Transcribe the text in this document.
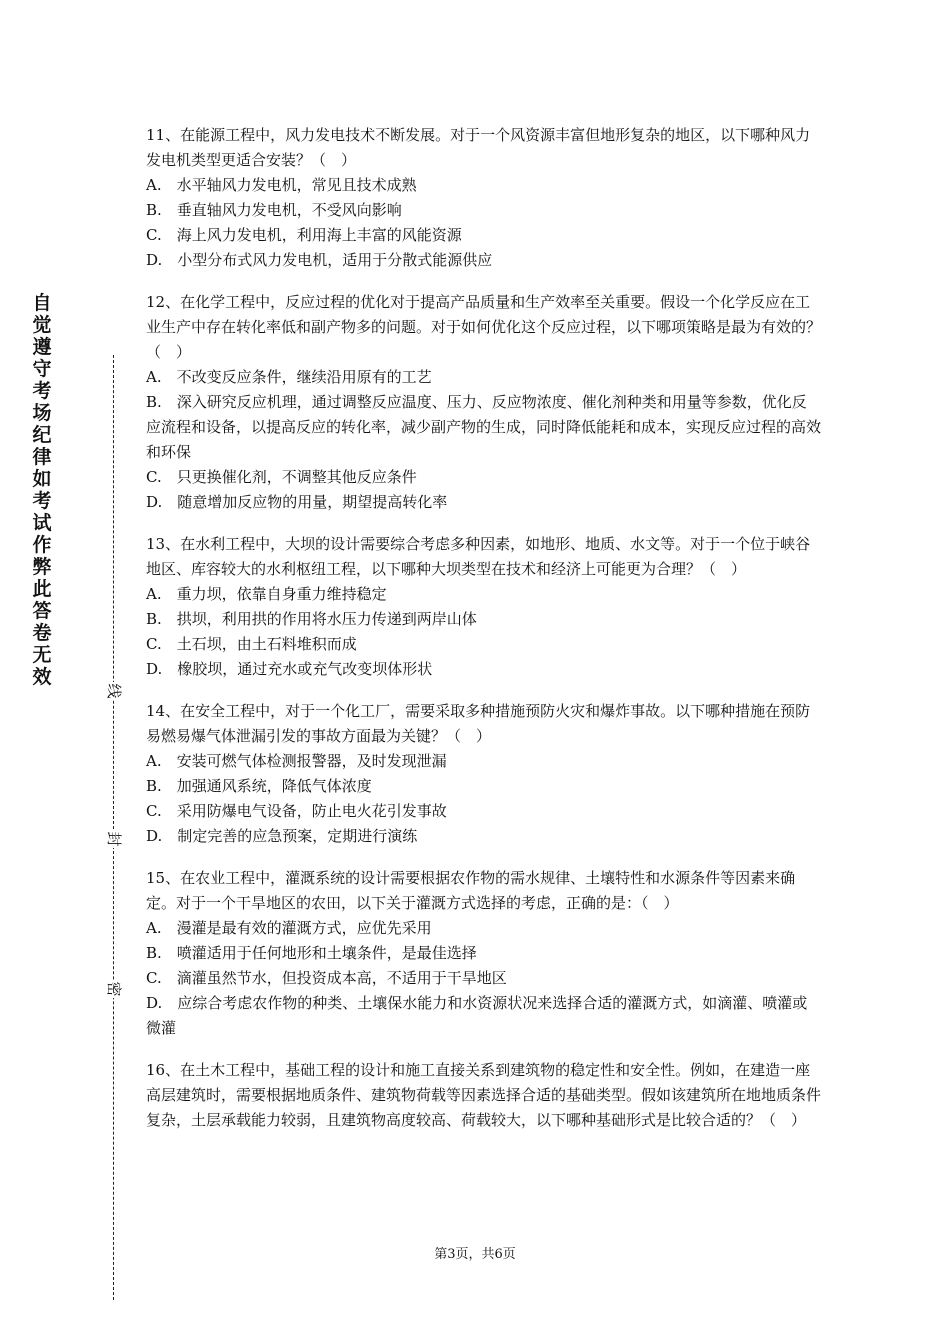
自觉遵守考场纪律如考试作弊此答卷无效
线
封
密

11、在能源工程中，风力发电技术不断发展。对于一个风资源丰富但地形复杂的地区，以下哪种风力发电机类型更适合安装？（　）

A.　水平轴风力发电机，常见且技术成熟

B.　垂直轴风力发电机，不受风向影响

C.　海上风力发电机，利用海上丰富的风能资源

D.　小型分布式风力发电机，适用于分散式能源供应

12、在化学工程中，反应过程的优化对于提高产品质量和生产效率至关重要。假设一个化学反应在工业生产中存在转化率低和副产物多的问题。对于如何优化这个反应过程，以下哪项策略是最为有效的？（　）

A.　不改变反应条件，继续沿用原有的工艺

B.　深入研究反应机理，通过调整反应温度、压力、反应物浓度、催化剂种类和用量等参数，优化反应流程和设备，以提高反应的转化率，减少副产物的生成，同时降低能耗和成本，实现反应过程的高效和环保

C.　只更换催化剂，不调整其他反应条件

D.　随意增加反应物的用量，期望提高转化率

13、在水利工程中，大坝的设计需要综合考虑多种因素，如地形、地质、水文等。对于一个位于峡谷地区、库容较大的水利枢纽工程，以下哪种大坝类型在技术和经济上可能更为合理？（　）

A.　重力坝，依靠自身重力维持稳定

B.　拱坝，利用拱的作用将水压力传递到两岸山体

C.　土石坝，由土石料堆积而成

D.　橡胶坝，通过充水或充气改变坝体形状

14、在安全工程中，对于一个化工厂，需要采取多种措施预防火灾和爆炸事故。以下哪种措施在预防易燃易爆气体泄漏引发的事故方面最为关键？（　）

A.　安装可燃气体检测报警器，及时发现泄漏

B.　加强通风系统，降低气体浓度

C.　采用防爆电气设备，防止电火花引发事故

D.　制定完善的应急预案，定期进行演练

15、在农业工程中，灌溉系统的设计需要根据农作物的需水规律、土壤特性和水源条件等因素来确定。对于一个干旱地区的农田，以下关于灌溉方式选择的考虑，正确的是：（　）

A.　漫灌是最有效的灌溉方式，应优先采用

B.　喷灌适用于任何地形和土壤条件，是最佳选择

C.　滴灌虽然节水，但投资成本高，不适用于干旱地区

D.　应综合考虑农作物的种类、土壤保水能力和水资源状况来选择合适的灌溉方式，如滴灌、喷灌或微灌

16、在土木工程中，基础工程的设计和施工直接关系到建筑物的稳定性和安全性。例如，在建造一座高层建筑时，需要根据地质条件、建筑物荷载等因素选择合适的基础类型。假如该建筑所在地地质条件复杂，土层承载能力较弱，且建筑物高度较高、荷载较大，以下哪种基础形式是比较合适的？（　）

第3页，共6页
